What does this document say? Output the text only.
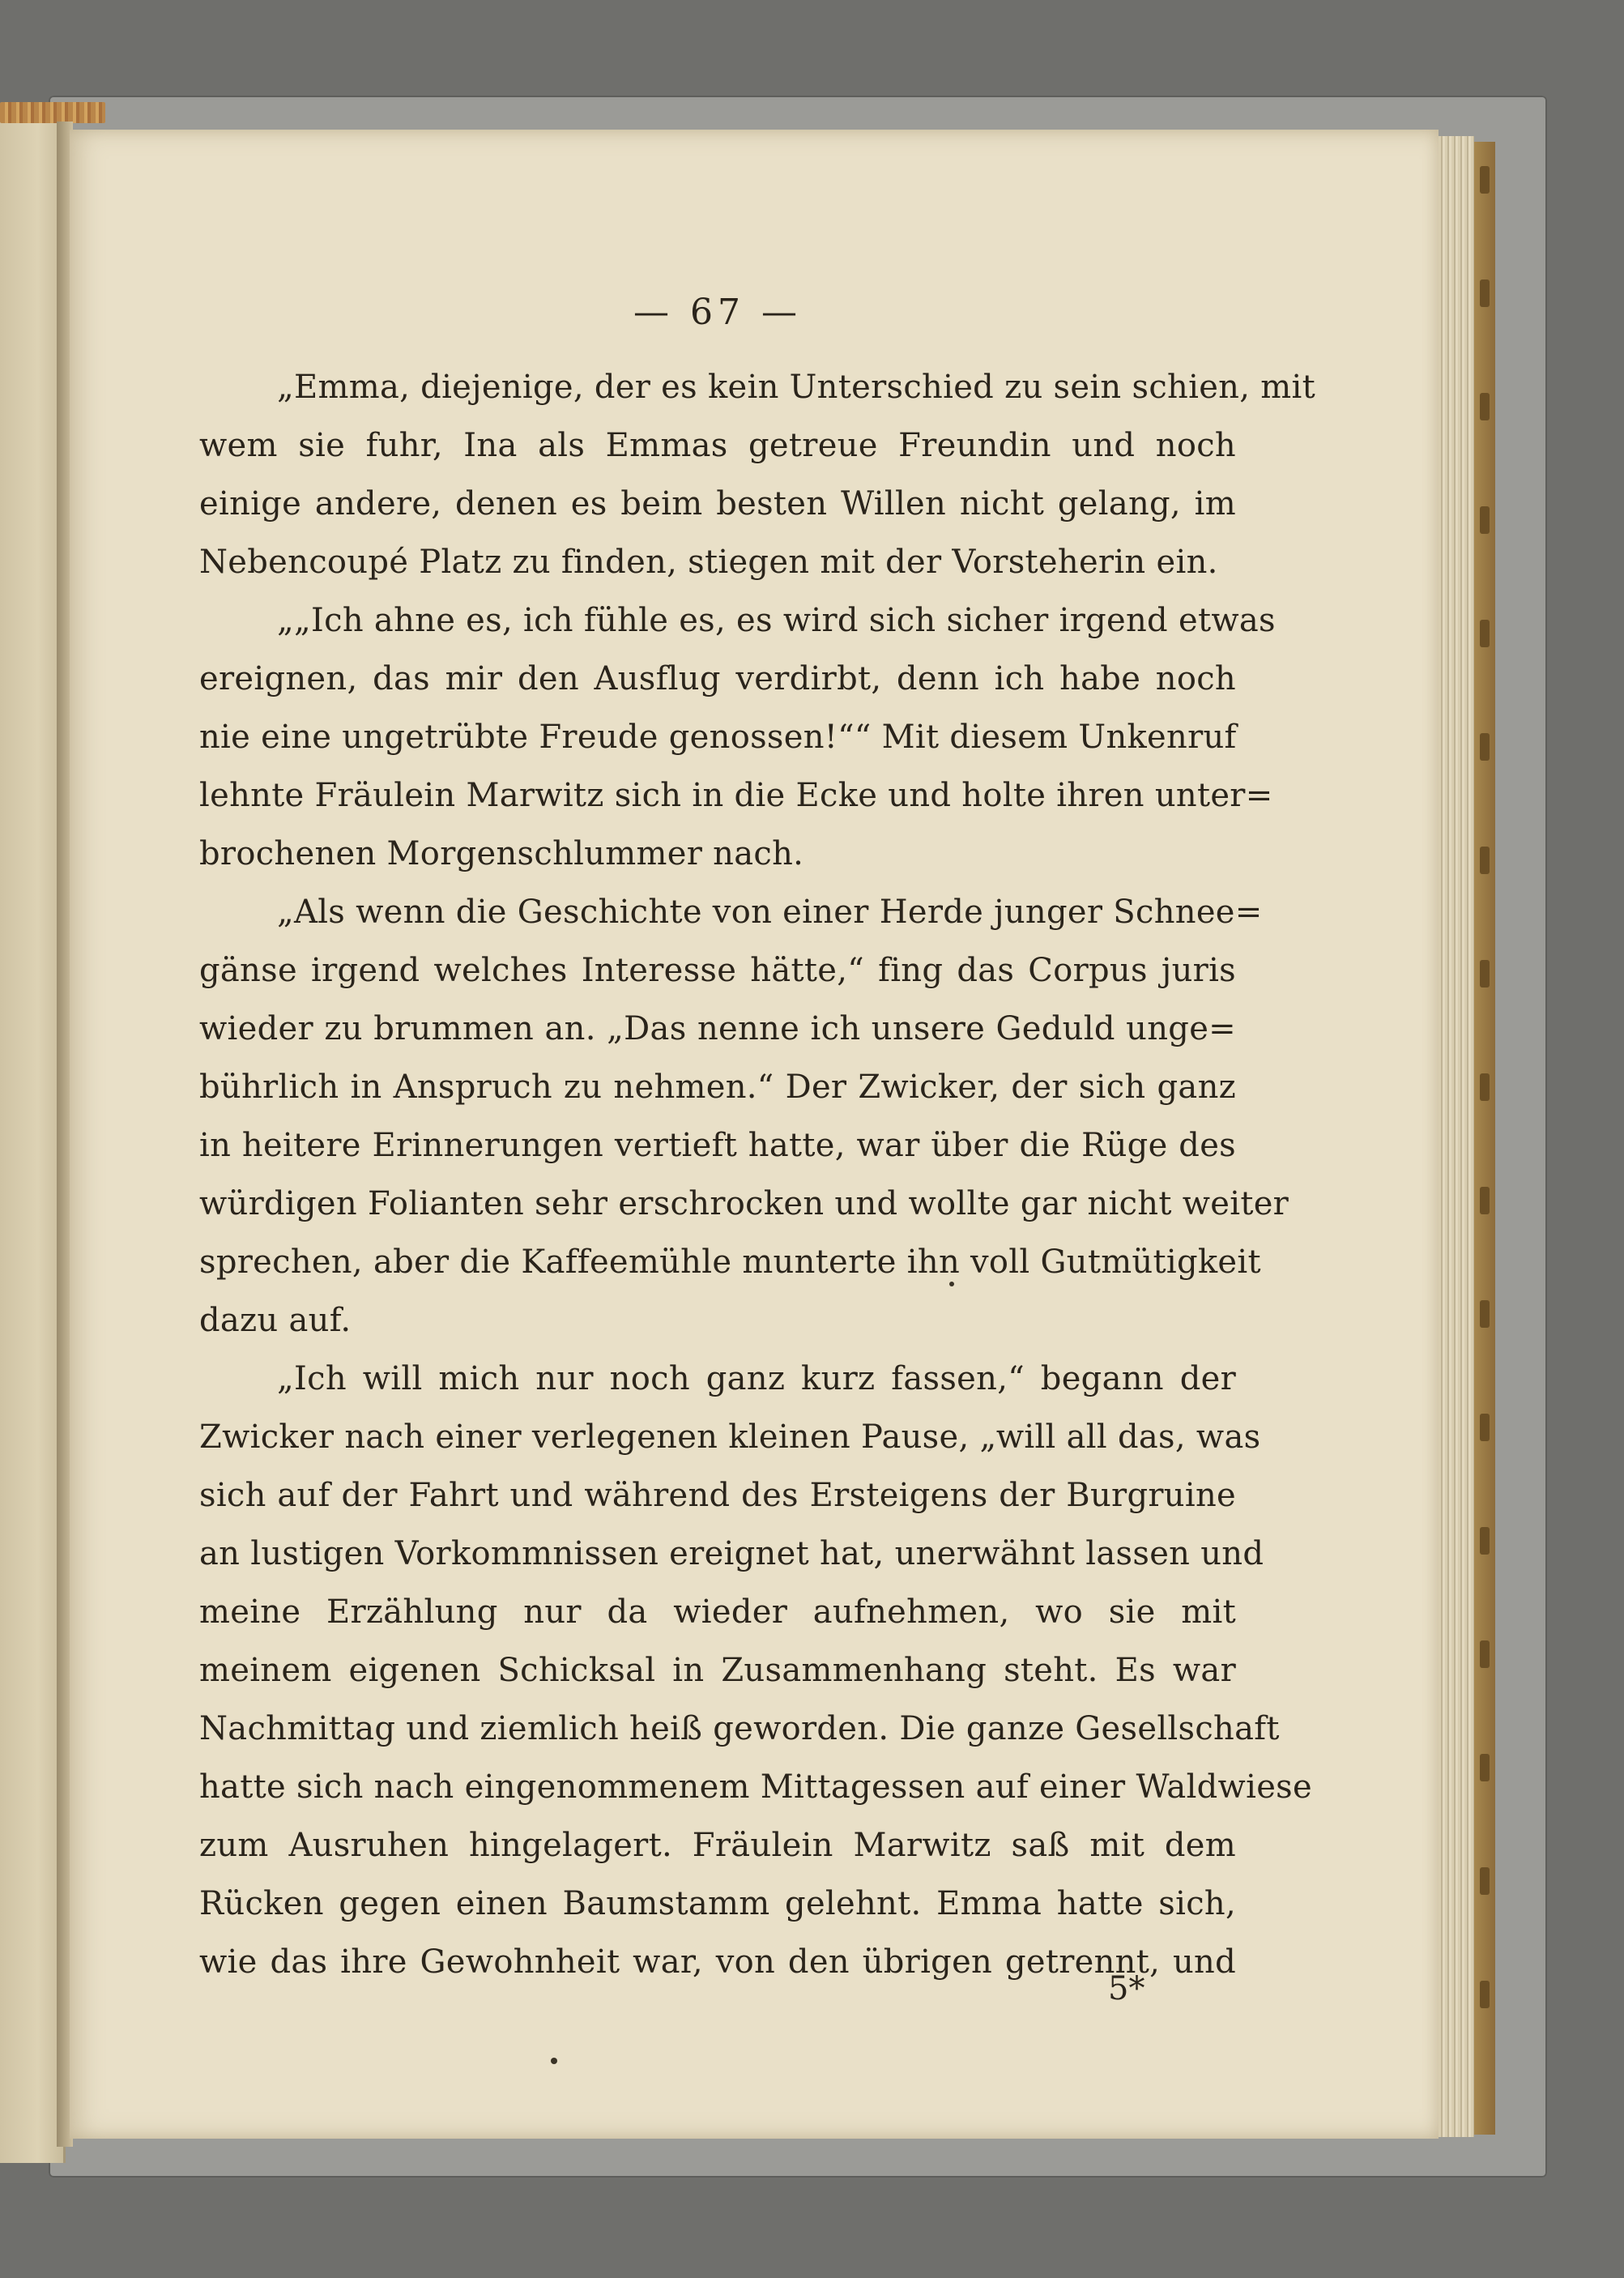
— 67 —
„Emma, diejenige, der es kein Unterschied zu sein schien, mit
wem sie fuhr, Ina als Emmas getreue Freundin und noch
einige andere, denen es beim besten Willen nicht gelang, im
Nebencoupé Platz zu finden, stiegen mit der Vorsteherin ein.
„„Ich ahne es, ich fühle es, es wird sich sicher irgend etwas
ereignen, das mir den Ausflug verdirbt, denn ich habe noch
nie eine ungetrübte Freude genossen!““ Mit diesem Unkenruf
lehnte Fräulein Marwitz sich in die Ecke und holte ihren unter=
brochenen Morgenschlummer nach.
„Als wenn die Geschichte von einer Herde junger Schnee=
gänse irgend welches Interesse hätte,“ fing das Corpus juris
wieder zu brummen an. „Das nenne ich unsere Geduld unge=
bührlich in Anspruch zu nehmen.“ Der Zwicker, der sich ganz
in heitere Erinnerungen vertieft hatte, war über die Rüge des
würdigen Folianten sehr erschrocken und wollte gar nicht weiter
sprechen, aber die Kaffeemühle munterte ihn voll Gutmütigkeit
dazu auf.
„Ich will mich nur noch ganz kurz fassen,“ begann der
Zwicker nach einer verlegenen kleinen Pause, „will all das, was
sich auf der Fahrt und während des Ersteigens der Burgruine
an lustigen Vorkommnissen ereignet hat, unerwähnt lassen und
meine Erzählung nur da wieder aufnehmen, wo sie mit
meinem eigenen Schicksal in Zusammenhang steht. Es war
Nachmittag und ziemlich heiß geworden. Die ganze Gesellschaft
hatte sich nach eingenommenem Mittagessen auf einer Waldwiese
zum Ausruhen hingelagert. Fräulein Marwitz saß mit dem
Rücken gegen einen Baumstamm gelehnt. Emma hatte sich,
wie das ihre Gewohnheit war, von den übrigen getrennt, und
5*
